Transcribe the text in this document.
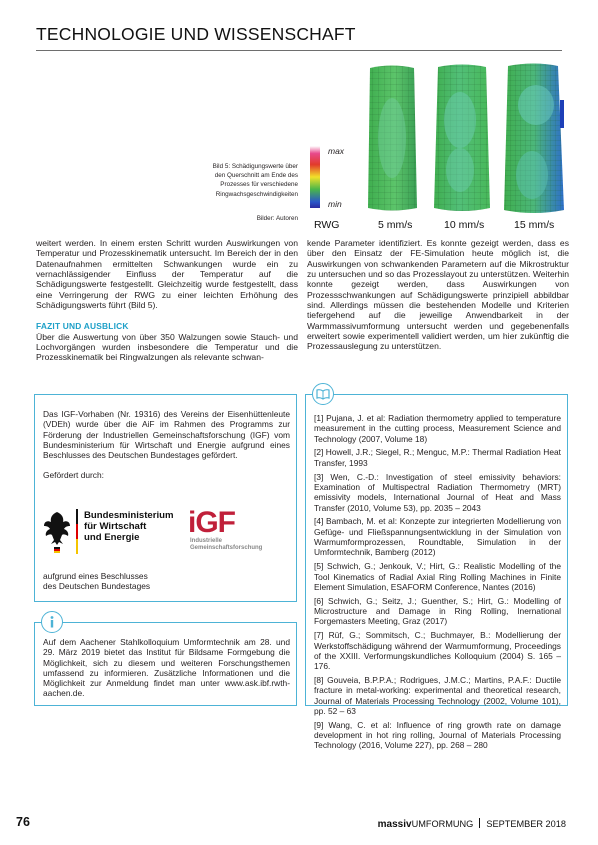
TECHNOLOGIE UND WISSENSCHAFT
Bild 5: Schädigungswerte über
den Querschnitt am Ende des
Prozesses für verschiedene
Ringwachsgeschwindigkeiten
Bilder: Autoren
max
min
RWG	5 mm/s	10 mm/s	15 mm/s

weitert werden. In einem ersten Schritt wurden Auswirkungen von Temperatur und Prozesskinematik untersucht. Im Bereich der in den Datenaufnahmen ermittelten Schwankungen wurde ein zu vernachlässigender Einfluss der Temperatur auf die Schädigungswerte festgestellt. Gleichzeitig wurde festgestellt, dass eine Verringerung der RWG zu einer leichten Erhöhung des Schädigungswerts führt (Bild 5).

FAZIT UND AUSBLICK

Über die Auswertung von über 350 Walzungen sowie Stauch- und Lochvorgängen wurden insbesondere die Temperatur und die Prozesskinematik bei Ringwalzungen als relevante schwan-

kende Parameter identifiziert. Es konnte gezeigt werden, dass es über den Einsatz der FE-Simulation heute möglich ist, die Auswirkungen von schwankenden Parametern auf die Mikrostruktur zu untersuchen und so das Prozesslayout zu unterstützen. Weiterhin konnte gezeigt werden, dass Auswirkungen von Prozessschwankungen auf Schädigungswerte prinzipiell abbildbar sind. Allerdings müssen die bestehenden Modelle und Kriterien tiefergehend auf die jeweilige Anwendbarkeit in der Warmmassivumformung untersucht werden und gegebenenfalls erweitert sowie experimentell validiert werden, um hier zukünftig die Prozessauslegung zu unterstützen.

Das IGF-Vorhaben (Nr. 19316) des Vereins der Eisenhüttenleute (VDEh) wurde über die AiF im Rahmen des Programms zur Förderung der Industriellen Gemeinschaftsforschung (IGF) vom Bundesministerium für Wirtschaft und Energie aufgrund eines Beschlusses des Deutschen Bundestages gefördert.

Gefördert durch:

aufgrund eines Beschlusses

des Deutschen Bundestages

Bundesministerium
für Wirtschaft
und Energie	iGF
Industrielle
Gemeinschaftsforschung

Auf dem Aachener Stahlkolloquium Umformtechnik am 28. und 29. März 2019 bietet das Institut für Bildsame Formgebung die Möglichkeit, sich zu diesem und weiteren Forschungsthemen umfassend zu informieren. Zusätzliche Informationen und die Möglichkeit zur Anmeldung findet man unter www.ask.ibf.rwth-aachen.de.

[1] Pujana, J. et al: Radiation thermometry applied to temperature measurement in the cutting process, Measurement Science and Technology (2007, Volume 18)

[2] Howell, J.R.; Siegel, R.; Menguc, M.P.: Thermal Radiation Heat Transfer, 1993

[3] Wen, C.-D.: Investigation of steel emissivity behaviors: Examination of Multispectral Radiation Thermometry (MRT) emissivity models, International Journal of Heat and Mass Transfer (2010, Volume 53), pp. 2035 – 2043

[4] Bambach, M. et al: Konzepte zur integrierten Modellierung von Gefüge- und Fließspannungsentwicklung in der Simulation von Warmumformprozessen, Roundtable, Simulation in der Umformtechnik, Bamberg (2012)

[5] Schwich, G.; Jenkouk, V.; Hirt, G.: Realistic Modelling of the Tool Kinematics of Radial Axial Ring Rolling Machines in Finite Element Simulation, ESAFORM Conference, Nantes (2016)

[6] Schwich, G.; Seitz, J.; Guenther, S.; Hirt, G.: Modelling of Microstructure and Damage in Ring Rolling, Inernational Forgemasters Meeting, Graz (2017)

[7] Rüf, G.; Sommitsch, C.; Buchmayer, B.: Modellierung der Werkstoffschädigung während der Warmumformung, Proceedings of the XXIII. Verformungskundliches Kolloquium (2004) S. 165 – 176.

[8] Gouveia, B.P.P.A.; Rodrigues, J.M.C.; Martins, P.A.F.: Ductile fracture in metal-working: experimental and theoretical research, Journal of Materials Processing Technology (2002, Volume 101), pp. 52 – 63

[9] Wang, C. et al: Influence of ring growth rate on damage development in hot ring rolling, Journal of Materials Processing Technology (2016, Volume 227), pp. 268 – 280

76	massivUMFORMUNG SEPTEMBER 2018
